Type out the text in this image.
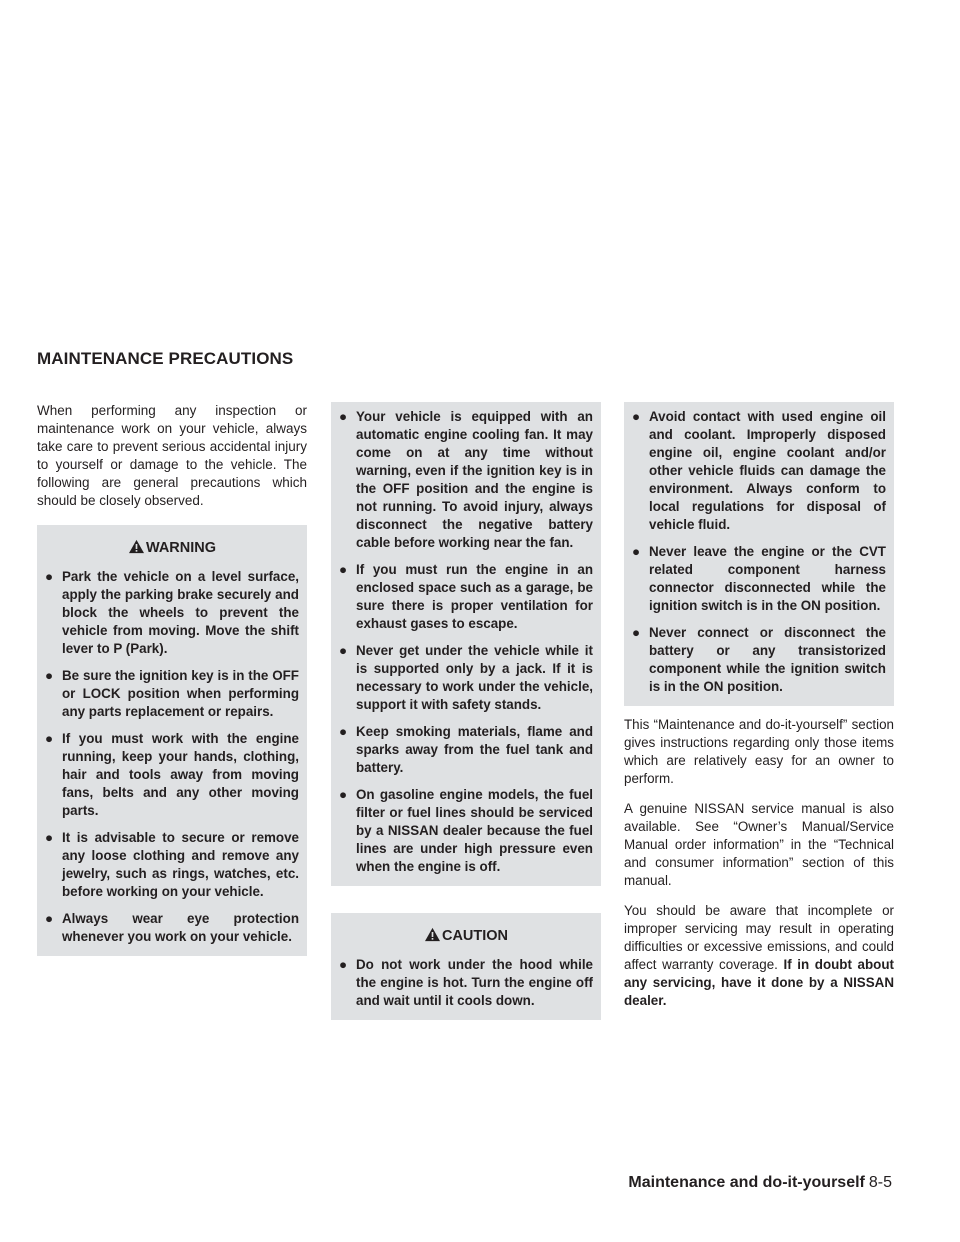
MAINTENANCE PRECAUTIONS

When performing any inspection or maintenance work on your vehicle, always take care to prevent serious accidental injury to yourself or damage to the vehicle. The following are general precautions which should be closely observed.

WARNING
● Park the vehicle on a level surface, apply the parking brake securely and block the wheels to prevent the vehicle from moving. Move the shift lever to P (Park).
● Be sure the ignition key is in the OFF or LOCK position when performing any parts replacement or repairs.
● If you must work with the engine running, keep your hands, clothing, hair and tools away from moving fans, belts and any other moving parts.
● It is advisable to secure or remove any loose clothing and remove any jewelry, such as rings, watches, etc. before working on your vehicle.
● Always wear eye protection whenever you work on your vehicle.
● Your vehicle is equipped with an automatic engine cooling fan. It may come on at any time without warning, even if the ignition key is in the OFF position and the engine is not running. To avoid injury, always disconnect the negative battery cable before working near the fan.
● If you must run the engine in an enclosed space such as a garage, be sure there is proper ventilation for exhaust gases to escape.
● Never get under the vehicle while it is supported only by a jack. If it is necessary to work under the vehicle, support it with safety stands.
● Keep smoking materials, flame and sparks away from the fuel tank and battery.
● On gasoline engine models, the fuel filter or fuel lines should be serviced by a NISSAN dealer because the fuel lines are under high pressure even when the engine is off.
CAUTION
● Do not work under the hood while the engine is hot. Turn the engine off and wait until it cools down.
● Avoid contact with used engine oil and coolant. Improperly disposed engine oil, engine coolant and/or other vehicle fluids can damage the environment. Always conform to local regulations for disposal of vehicle fluid.
● Never leave the engine or the CVT related component harness connector disconnected while the ignition switch is in the ON position.
● Never connect or disconnect the battery or any transistorized component while the ignition switch is in the ON position.

This “Maintenance and do-it-yourself” section gives instructions regarding only those items which are relatively easy for an owner to perform.

A genuine NISSAN service manual is also available. See “Owner’s Manual/Service Manual order information” in the “Technical and consumer information” section of this manual.

You should be aware that incomplete or improper servicing may result in operating difficulties or excessive emissions, and could affect warranty coverage. If in doubt about any servicing, have it done by a NISSAN dealer.

Maintenance and do-it-yourself 8-5
